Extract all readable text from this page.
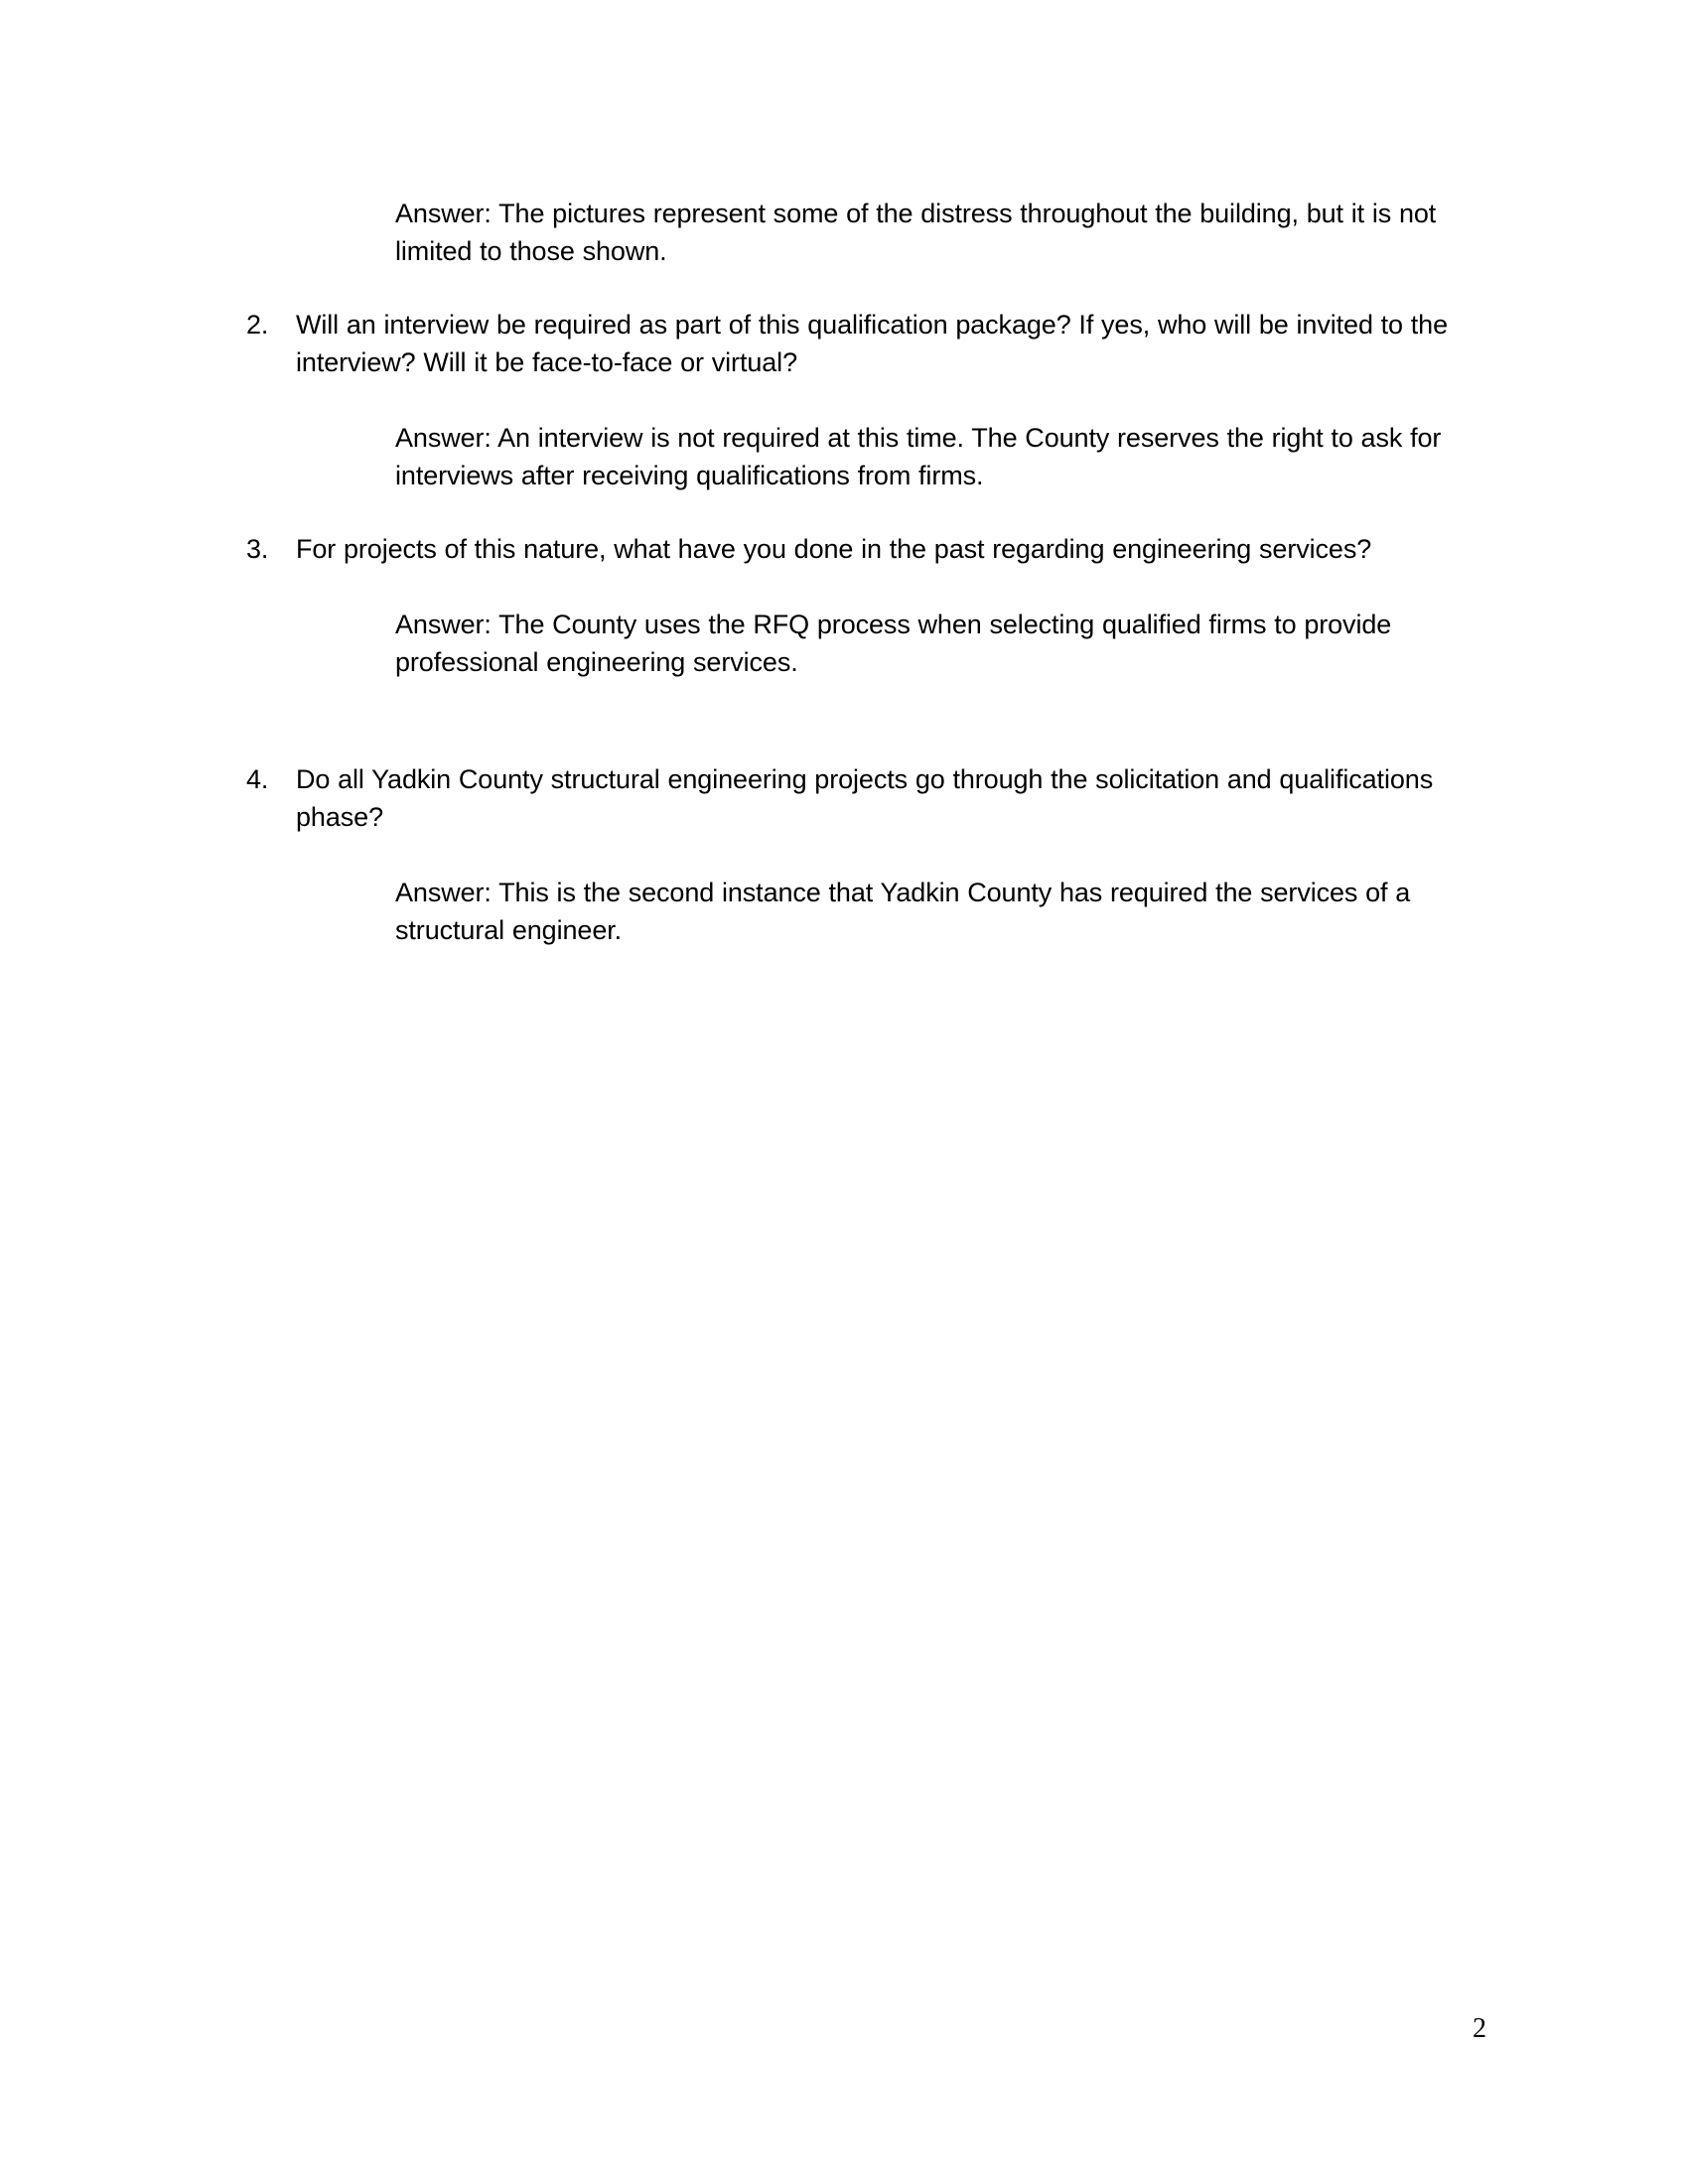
Answer: The pictures represent some of the distress throughout the building, but it is not limited to those shown.

2.	Will an interview be required as part of this qualification package? If yes, who will be invited to the interview? Will it be face-to-face or virtual?

Answer: An interview is not required at this time. The County reserves the right to ask for interviews after receiving qualifications from firms.

3.	For projects of this nature, what have you done in the past regarding engineering services?

Answer: The County uses the RFQ process when selecting qualified firms to provide professional engineering services.

4.	Do all Yadkin County structural engineering projects go through the solicitation and qualifications phase?

Answer: This is the second instance that Yadkin County has required the services of a structural engineer.

2
